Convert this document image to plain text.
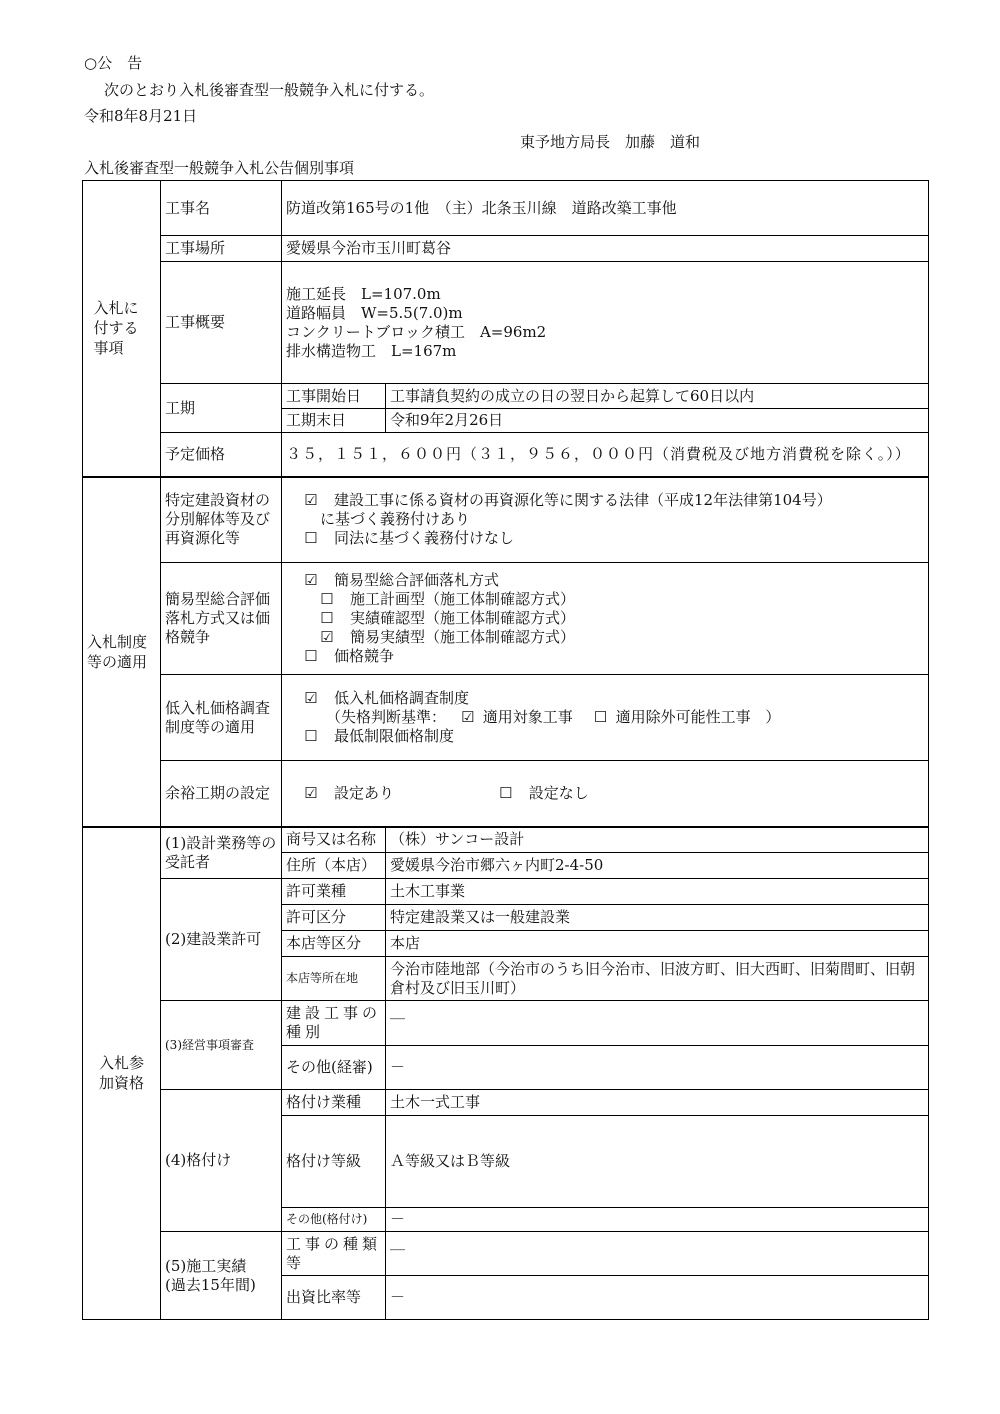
○公　告
次のとおり入札後審査型一般競争入札に付する。
令和8年8月21日
東予地方局長　加藤　道和
入札後審査型一般競争入札公告個別事項
入札に付する事項	工事名	防道改第165号の1他　（主）北条玉川線　道路改築工事他	
	工事場所	愛媛県今治市玉川町葛谷	
	工事概要	施工延長　L=107.0m
道路幅員　W=5.5(7.0)m
コンクリートブロック積工　A=96m2
排水構造物工　L=167m	

	工期	工事開始日	工事請負契約の成立の日の翌日から起算して60日以内
		工期末日	令和9年2月26日
	予定価格	３５，１５１，６００円（３１，９５６，０００円（消費税及び地方消費税を除く。））	

入札制度等の適用	特定建設資材の分別解体等及び再資源化等	☑ 建設工事に係る資材の再資源化等に関する法律（平成12年法律第104号）
に基づく義務付けあり
☐ 同法に基づく義務付けなし	

	簡易型総合評価落札方式又は価格競争	☑ 簡易型総合評価落札方式
☐ 施工計画型（施工体制確認方式）
☐ 実績確認型（施工体制確認方式）
☑ 簡易実績型（施工体制確認方式）
☐ 価格競争	

	低入札価格調査制度等の適用	☑ 低入札価格調査制度
（失格判断基準： ☑ 適用対象工事 ☐ 適用除外可能性工事 ）
☐ 最低制限価格制度	

	余裕工期の設定	☑ 設定あり ☐ 設定なし	

入札参加資格	(1)設計業務等の受託者	商号又は名称	（株）サンコー設計
		住所（本店）	愛媛県今治市郷六ヶ内町2-4-50
	(2)建設業許可	許可業種	土木工事業
		許可区分	特定建設業又は一般建設業
		本店等区分	本店
		本店等所在地	今治市陸地部（今治市のうち旧今治市、旧波方町、旧大西町、旧菊間町、旧朝倉村及び旧玉川町）
	(3)経営事項審査	建設工事の種別	＿
		その他(経審)	－
	(4)格付け	格付け業種	土木一式工事
		格付け等級	Ａ等級又はＢ等級
		その他(格付け)	－

	(5)施工実績
(過去15年間)	工事の種類等	＿
		出資比率等	－
